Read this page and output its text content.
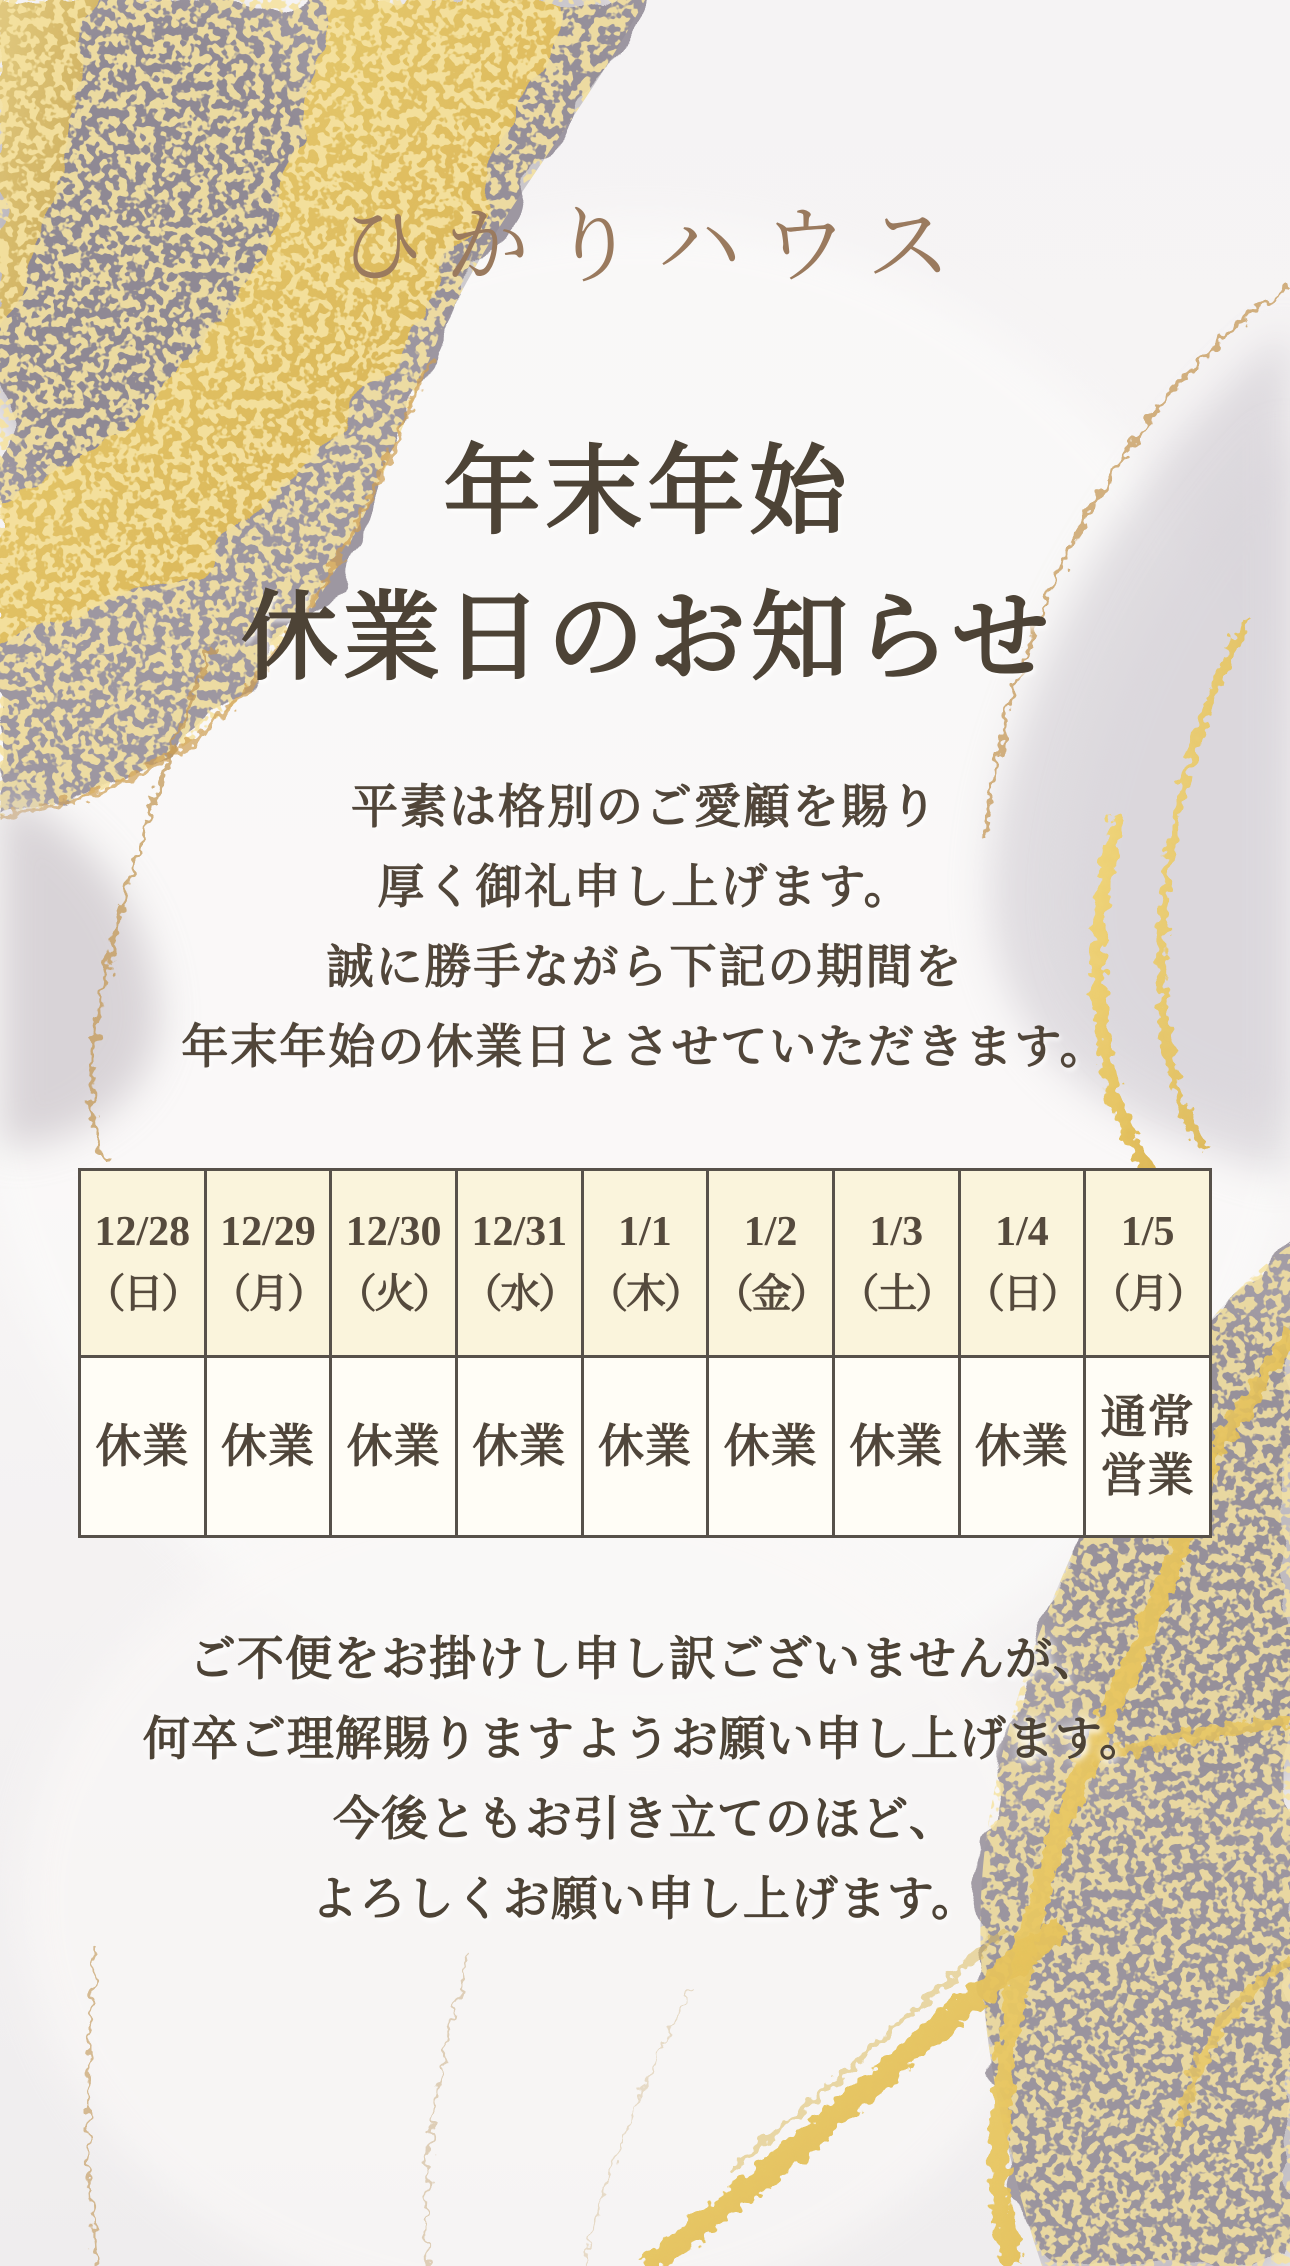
ひかりハウス
年末年始
休業日のお知らせ

平素は格別のご愛顧を賜り

厚く御礼申し上げます。

誠に勝手ながら下記の期間を

年末年始の休業日とさせていただきます。

12/28
（日）	12/29
（月）	12/30
（火）	12/31
（水）	1/1
（木）	1/2
（金）	1/3
（土）	1/4
（日）	1/5
（月）

休業	休業	休業	休業	休業	休業	休業	休業	通常営業

ご不便をお掛けし申し訳ございませんが、

何卒ご理解賜りますようお願い申し上げます。

今後ともお引き立てのほど、

よろしくお願い申し上げます。
